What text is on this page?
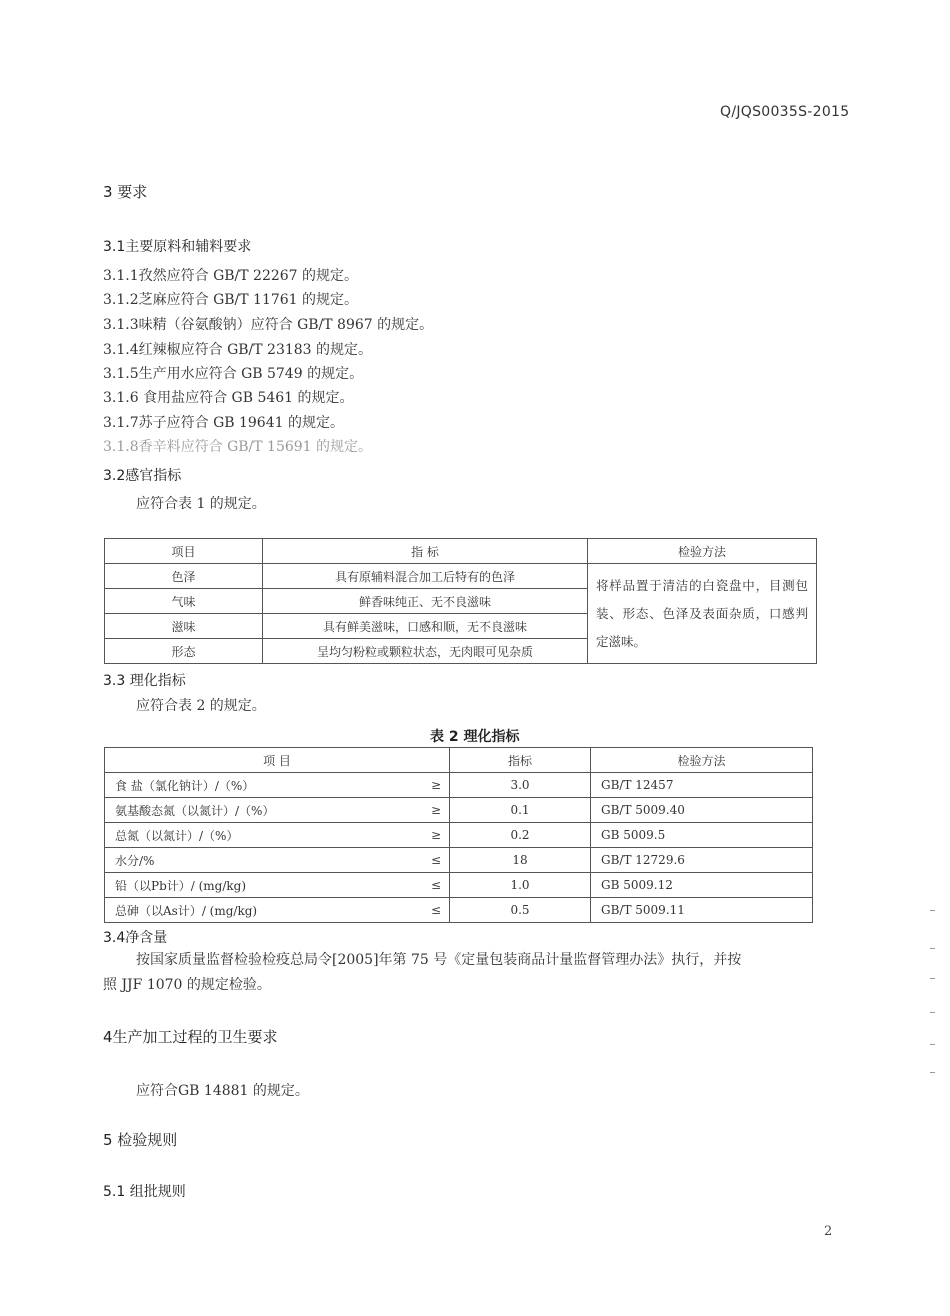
Q/JQS0035S-2015
3 要求
3.1主要原料和辅料要求
3.1.1孜然应符合 GB/T 22267 的规定。
3.1.2芝麻应符合 GB/T 11761 的规定。
3.1.3味精（谷氨酸钠）应符合 GB/T 8967 的规定。
3.1.4红辣椒应符合 GB/T 23183 的规定。
3.1.5生产用水应符合 GB 5749 的规定。
3.1.6 食用盐应符合 GB 5461 的规定。
3.1.7苏子应符合 GB 19641 的规定。
3.1.8香辛料应符合 GB/T 15691 的规定。
3.2感官指标
应符合表 1 的规定。
项目	指 标	检验方法
色泽	具有原辅料混合加工后特有的色泽	将样品置于清洁的白瓷盘中，目测包装、形态、色泽及表面杂质，口感判定滋味。
气味	鲜香味纯正、无不良滋味	
滋味	具有鲜美滋味，口感和顺，无不良滋味	
形态	呈均匀粉粒或颗粒状态，无肉眼可见杂质	
3.3 理化指标
应符合表 2 的规定。
表 2 理化指标
项 目		指标	检验方法
食 盐（氯化钠计）/（%）	≥	3.0	GB/T 12457
氨基酸态氮（以氮计）/（%）	≥	0.1	GB/T 5009.40
总氮（以氮计）/（%）	≥	0.2	GB 5009.5
水分/%	≤	18	GB/T 12729.6
铅（以Pb计）/ (mg/kg)	≤	1.0	GB 5009.12
总砷（以As计）/ (mg/kg)	≤	0.5	GB/T 5009.11
3.4净含量
按国家质量监督检验检疫总局令[2005]年第 75 号《定量包装商品计量监督管理办法》执行，并按
照 JJF 1070 的规定检验。
4生产加工过程的卫生要求
应符合GB 14881 的规定。
5 检验规则
5.1 组批规则
2
